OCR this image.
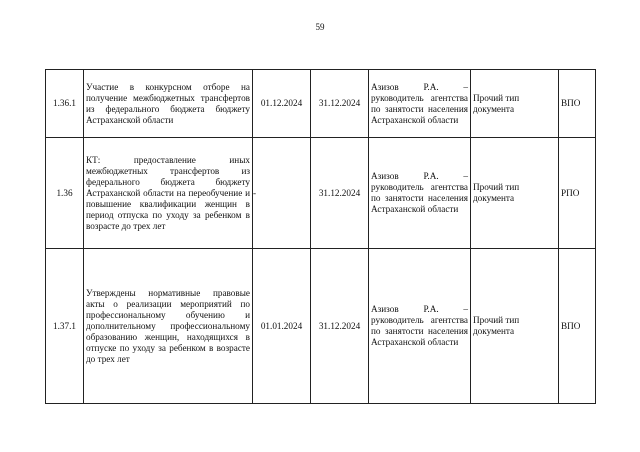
59
1.36.1	Участие в конкурсном отборе на получение межбюджетных трансфертов из федерального бюджета бюджету Астраханской области	01.12.2024	31.12.2024	Азизов Р.А. – руководитель агентства по занятости населения Астраханской области	Прочий тип документа	ВПО
1.36	КТ: предоставление иных межбюджетных трансфертов из федерального бюджета бюджету Астраханской области на переобучение и повышение квалификации женщин в период отпуска по уходу за ребенком в возрасте до трех лет	-	31.12.2024	Азизов Р.А. – руководитель агентства по занятости населения Астраханской области	Прочий тип документа	РПО
1.37.1	Утверждены нормативные правовые акты о реализации мероприятий по профессиональному обучению и дополнительному профессиональному образованию женщин, находящихся в отпуске по уходу за ребенком в возрасте до трех лет	01.01.2024	31.12.2024	Азизов Р.А. – руководитель агентства по занятости населения Астраханской области	Прочий тип документа	ВПО
